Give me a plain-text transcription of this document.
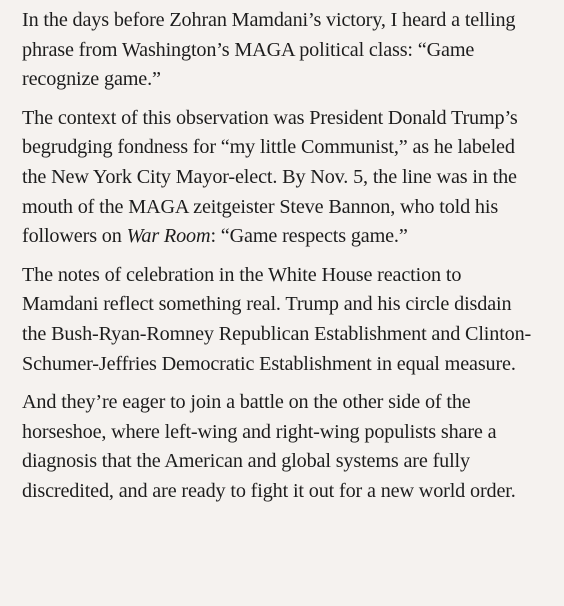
In the days before Zohran Mamdani’s victory, I heard a telling phrase from Washington’s MAGA political class: “Game recognize game.”

The context of this observation was President Donald Trump’s begrudging fondness for “my little Communist,” as he labeled the New York City Mayor-elect. By Nov. 5, the line was in the mouth of the MAGA zeitgeister Steve Bannon, who told his followers on War Room: “Game respects game.”

The notes of celebration in the White House reaction to Mamdani reflect something real. Trump and his circle disdain the Bush-Ryan-Romney Republican Establishment and Clinton-Schumer-Jeffries Democratic Establishment in equal measure.

And they’re eager to join a battle on the other side of the horseshoe, where left-wing and right-wing populists share a diagnosis that the American and global systems are fully discredited, and are ready to fight it out for a new world order.
